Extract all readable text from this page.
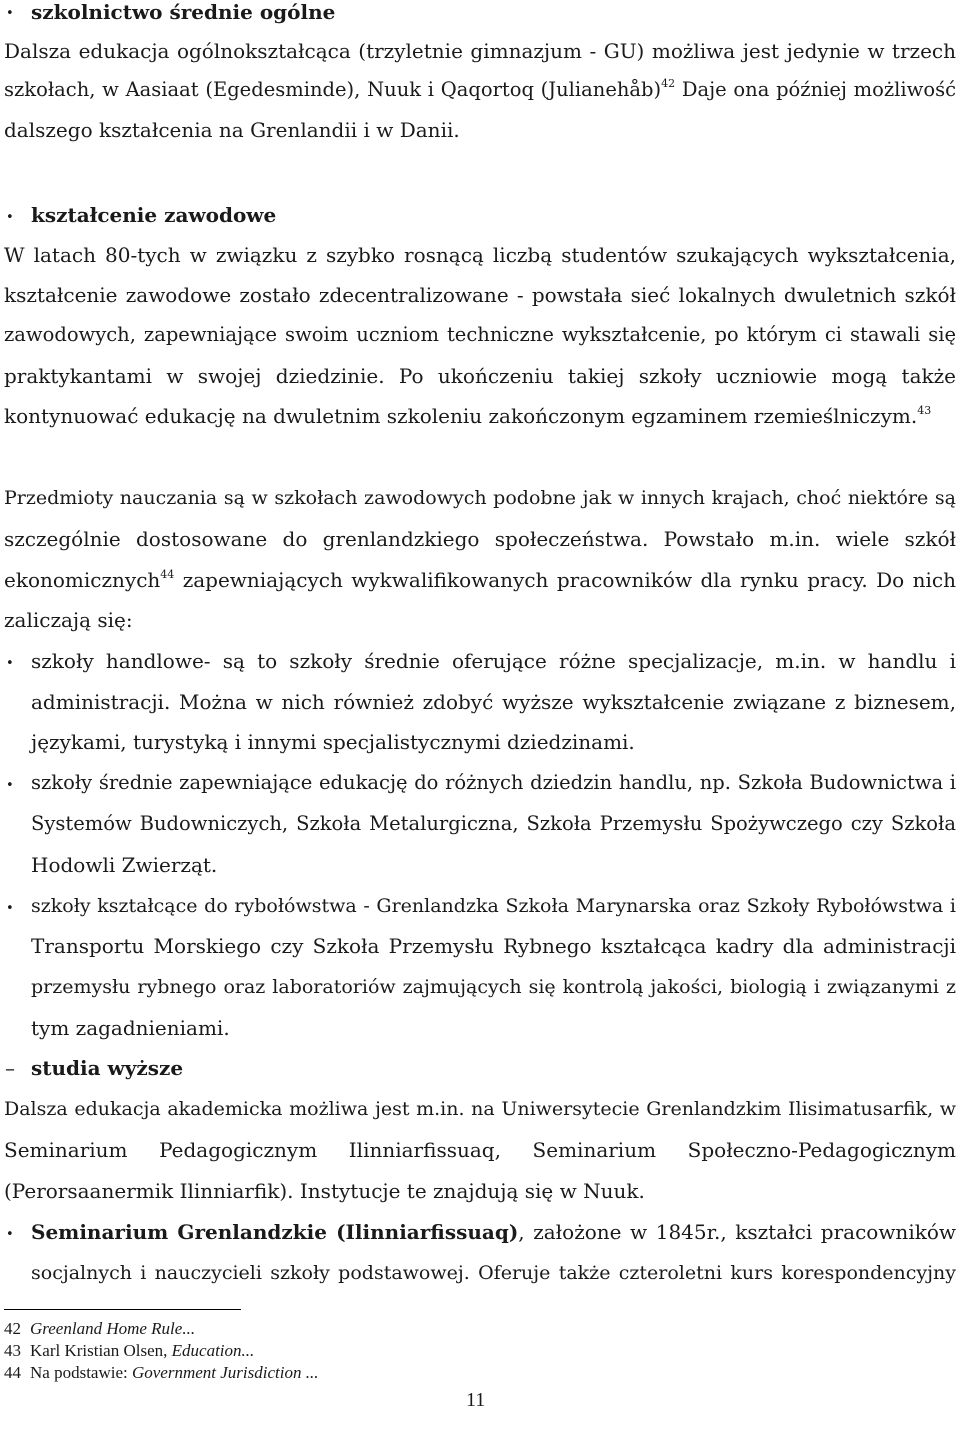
• szkolnictwo średnie ogólne
Dalsza edukacja ogólnokształcąca (trzyletnie gimnazjum - GU) możliwa jest jedynie w trzech
szkołach, w Aasiaat (Egedesminde), Nuuk i Qaqortoq (Julianehåb)$^{42}$ Daje ona później możliwość
dalszego kształcenia na Grenlandii i w Danii.
• kształcenie zawodowe
W latach 80-tych w związku z szybko rosnącą liczbą studentów szukających wykształcenia,
kształcenie zawodowe zostało zdecentralizowane - powstała sieć lokalnych dwuletnich szkół
zawodowych, zapewniające swoim uczniom techniczne wykształcenie, po którym ci stawali się
praktykantami w swojej dziedzinie. Po ukończeniu takiej szkoły uczniowie mogą także
kontynuować edukację na dwuletnim szkoleniu zakończonym egzaminem rzemieślniczym.$^{43}$
Przedmioty nauczania są w szkołach zawodowych podobne jak w innych krajach, choć niektóre są
szczególnie dostosowane do grenlandzkiego społeczeństwa. Powstało m.in. wiele szkół
ekonomicznych$^{44}$ zapewniających wykwalifikowanych pracowników dla rynku pracy. Do nich
zaliczają się:
• szkoły handlowe- są to szkoły średnie oferujące różne specjalizacje, m.in. w handlu i
administracji. Można w nich również zdobyć wyższe wykształcenie związane z biznesem,
językami, turystyką i innymi specjalistycznymi dziedzinami.
• szkoły średnie zapewniające edukację do różnych dziedzin handlu, np. Szkoła Budownictwa i
Systemów Budowniczych, Szkoła Metalurgiczna, Szkoła Przemysłu Spożywczego czy Szkoła
Hodowli Zwierząt.
• szkoły kształcące do rybołówstwa - Grenlandzka Szkoła Marynarska oraz Szkoły Rybołówstwa i
Transportu Morskiego czy Szkoła Przemysłu Rybnego kształcąca kadry dla administracji
przemysłu rybnego oraz laboratoriów zajmujących się kontrolą jakości, biologią i związanymi z
tym zagadnieniami.
– studia wyższe
Dalsza edukacja akademicka możliwa jest m.in. na Uniwersytecie Grenlandzkim Ilisimatusarfik, w
Seminarium Pedagogicznym Ilinniarfissuaq, Seminarium Społeczno-Pedagogicznym
(Perorsaanermik Ilinniarfik). Instytucje te znajdują się w Nuuk.
• Seminarium Grenlandzkie (Ilinniarfissuaq), założone w 1845r., kształci pracowników
socjalnych i nauczycieli szkoły podstawowej. Oferuje także czteroletni kurs korespondencyjny
42 Greenland Home Rule...
43 Karl Kristian Olsen, Education...
44 Na podstawie: Government Jurisdiction ...
11
